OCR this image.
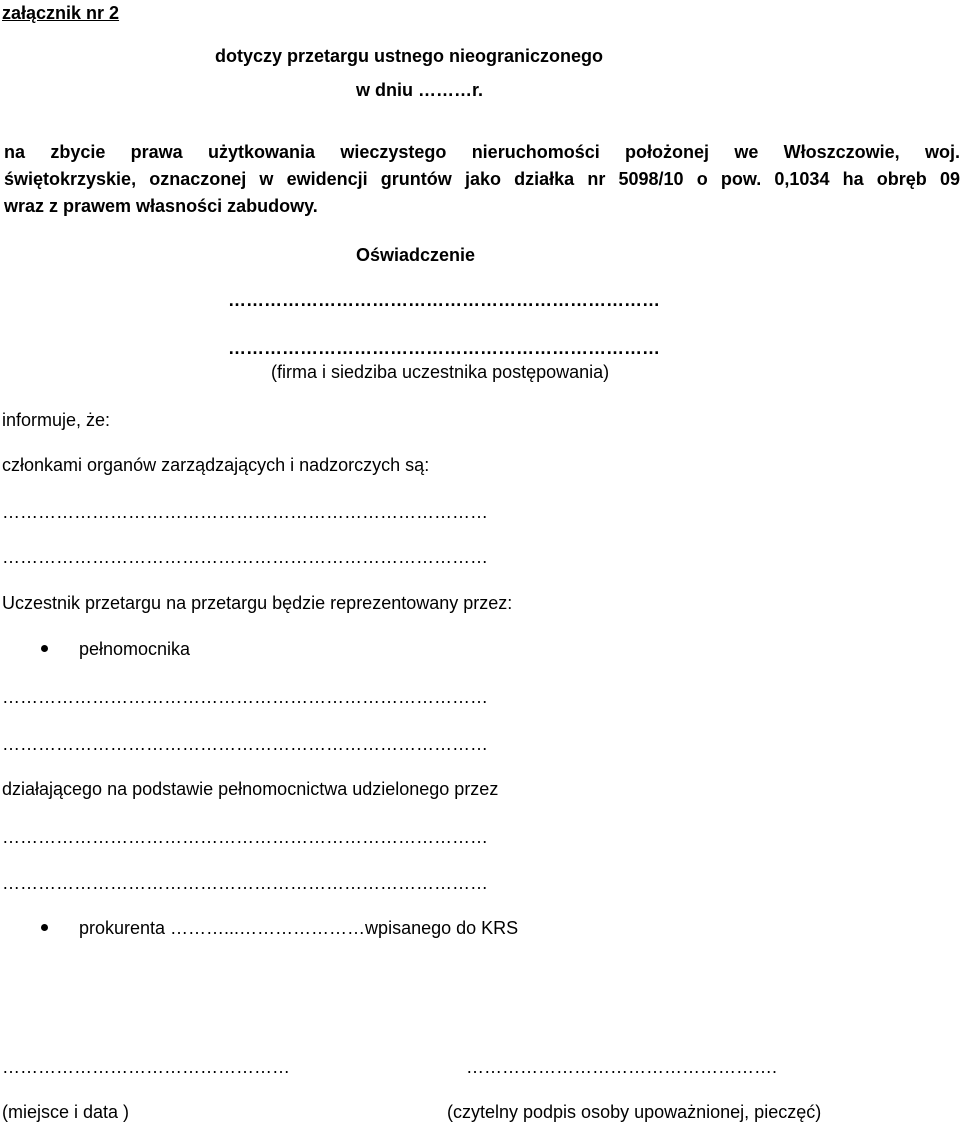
załącznik nr 2
dotyczy przetargu ustnego nieograniczonego
w dniu ………r.
na zbycie prawa użytkowania wieczystego nieruchomości położonej we Włoszczowie, woj.
świętokrzyskie, oznaczonej w ewidencji gruntów jako działka nr 5098/10 o pow. 0,1034 ha obręb 09
wraz z prawem własności zabudowy.
Oświadczenie
………………………………………………………………
………………………………………………………………
(firma i siedziba uczestnika postępowania)
informuje, że:
członkami organów zarządzających i nadzorczych są:
………………………………………………………………………
………………………………………………………………………
Uczestnik przetargu na przetargu będzie reprezentowany przez:
pełnomocnika
………………………………………………………………………
………………………………………………………………………
działającego na podstawie pełnomocnictwa udzielonego przez
………………………………………………………………………
………………………………………………………………………
prokurenta ………...…………………wpisanego do KRS
…………………………………………	…………………………………………….
(miejsce i data )	(czytelny podpis osoby upoważnionej, pieczęć)
